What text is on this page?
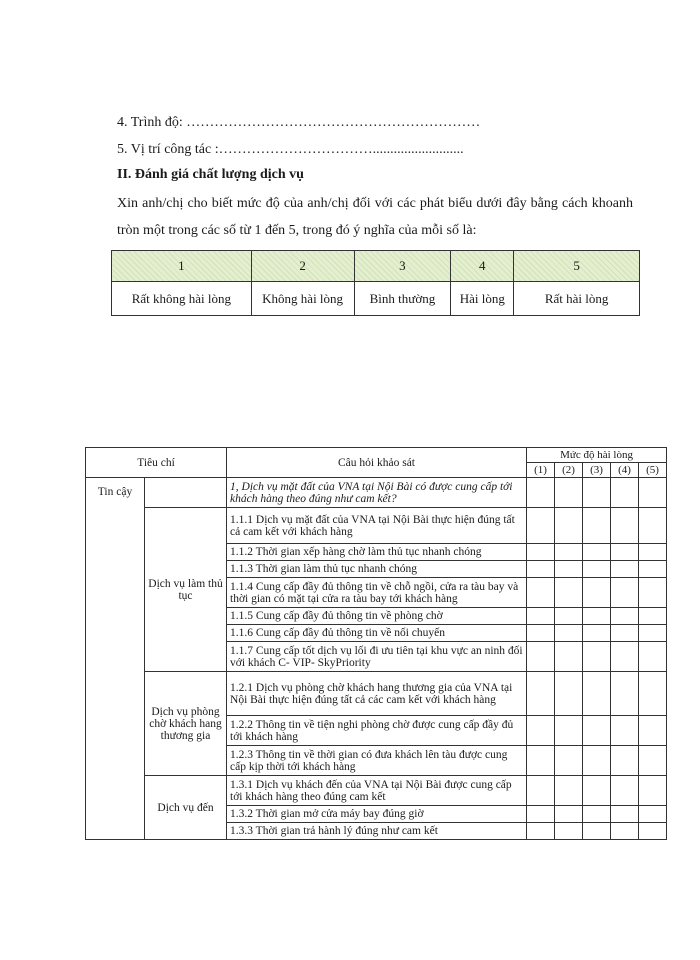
4. Trình độ: ………………………………………………………
5. Vị trí công tác :……………………………..........................
II. Đánh giá chất lượng dịch vụ
Xin anh/chị cho biết mức độ của anh/chị đối với các phát biểu dưới đây bằng cách khoanh tròn một trong các số từ 1 đến 5, trong đó ý nghĩa của mỗi số là:
1	2	3	4	5
Rất không hài lòng	Không hài lòng	Bình thường	Hài lòng	Rất hài lòng
Tiêu chí		Câu hỏi khảo sát	Mức độ hài lòng				
			(1)	(2)	(3)	(4)	(5)
Tin cậy		1, Dịch vụ mặt đất của VNA tại Nội Bài có được cung cấp tới khách hàng theo đúng như cam kết?					
	Dịch vụ làm thủ tục	1.1.1 Dịch vụ mặt đất của VNA tại Nội Bài thực hiện đúng tất cả cam kết với khách hàng					
		1.1.2 Thời gian xếp hàng chờ làm thủ tục nhanh chóng					
		1.1.3 Thời gian làm thủ tục nhanh chóng					
		1.1.4 Cung cấp đầy đủ thông tin về chỗ ngồi, cửa ra tàu bay và thời gian có mặt tại cửa ra tàu bay tới khách hàng					
		1.1.5 Cung cấp đầy đủ thông tin về phòng chờ					
		1.1.6 Cung cấp đầy đủ thông tin về nối chuyến					
		1.1.7 Cung cấp tốt dịch vụ lối đi ưu tiên tại khu vực an ninh đối với khách C- VIP- SkyPriority					
	Dịch vụ phòng chờ khách hang thương gia	1.2.1 Dịch vụ phòng chờ khách hang thương gia của VNA tại Nội Bài thực hiện đúng tất cả các cam kết với khách hàng					
		1.2.2 Thông tin về tiện nghi phòng chờ được cung cấp đầy đủ tới khách hàng					
		1.2.3 Thông tin về thời gian có đưa khách lên tàu được cung cấp kịp thời tới khách hàng					
	Dịch vụ đến	1.3.1 Dịch vụ khách đến của VNA tại Nội Bài được cung cấp tới khách hàng theo đúng cam kết					
		1.3.2 Thời gian mở cửa máy bay đúng giờ					
		1.3.3 Thời gian trả hành lý đúng như cam kết					
